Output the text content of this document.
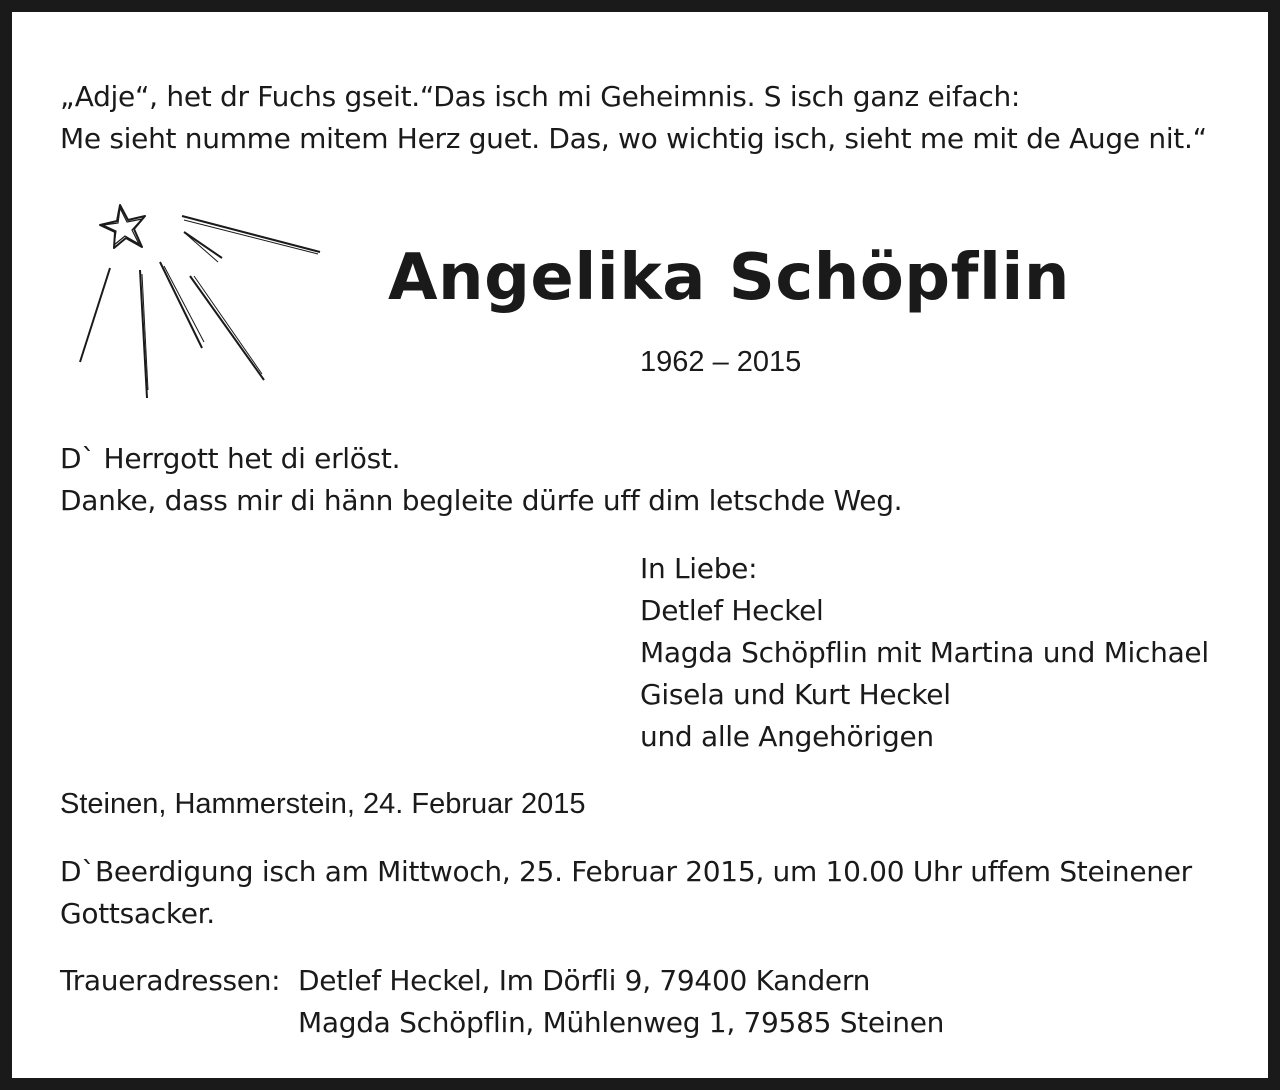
„Adje“, het dr Fuchs gseit.“Das isch mi Geheimnis. S isch ganz eifach:
Me sieht numme mitem Herz guet. Das, wo wichtig isch, sieht me mit de Auge nit.“
Angelika Schöpflin
1962 – 2015
D` Herrgott het di erlöst.
Danke, dass mir di hänn begleite dürfe uff dim letschde Weg.
In Liebe:
Detlef Heckel
Magda Schöpflin mit Martina und Michael
Gisela und Kurt Heckel
und alle Angehörigen
Steinen, Hammerstein, 24. Februar 2015
D`Beerdigung isch am Mittwoch, 25. Februar 2015, um 10.00 Uhr uffem Steinener
Gottsacker.
Traueradressen: Detlef Heckel, Im Dörfli 9, 79400 Kandern
Magda Schöpflin, Mühlenweg 1, 79585 Steinen
